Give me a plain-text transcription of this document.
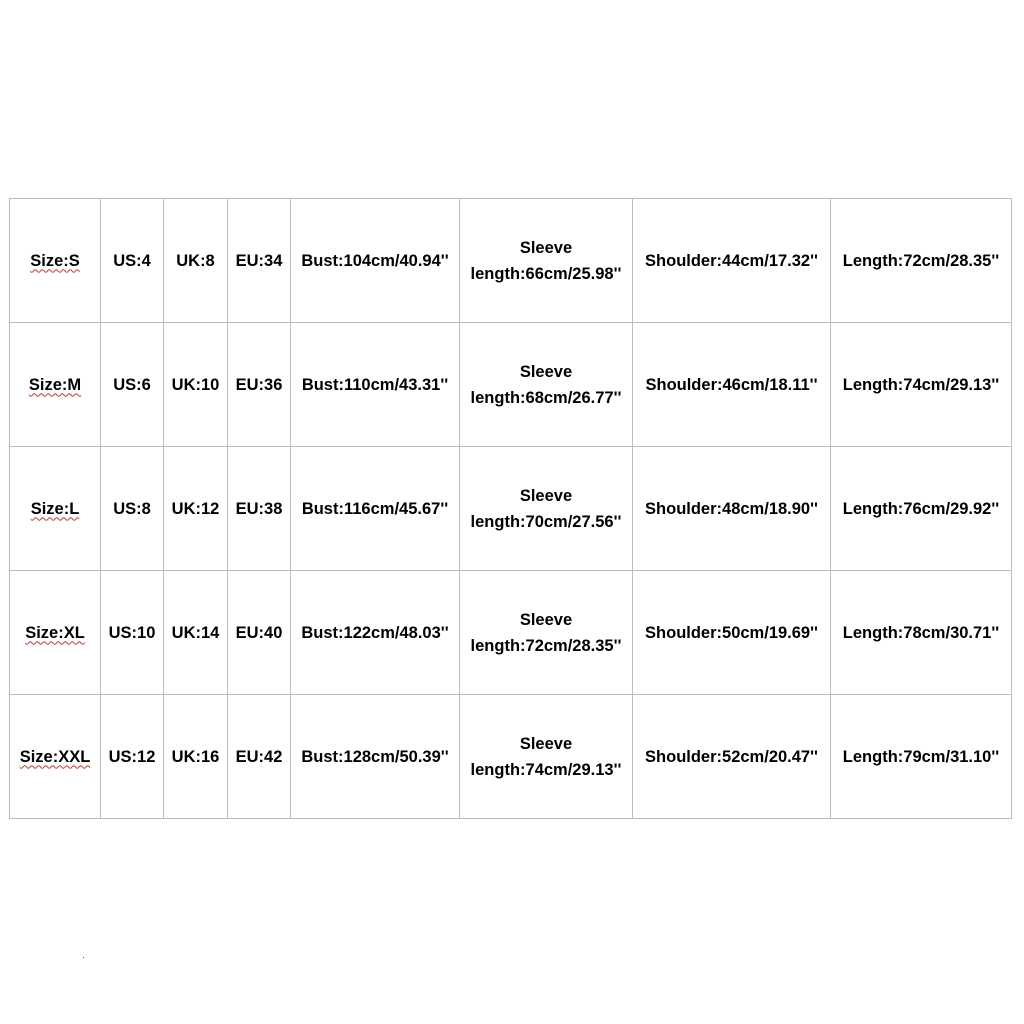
Size:S	US:4	UK:8	EU:34	Bust:104cm/40.94''	Sleeve
length:66cm/25.98''	Shoulder:44cm/17.32''	Length:72cm/28.35''
Size:M	US:6	UK:10	EU:36	Bust:110cm/43.31''	Sleeve
length:68cm/26.77''	Shoulder:46cm/18.11''	Length:74cm/29.13''
Size:L	US:8	UK:12	EU:38	Bust:116cm/45.67''	Sleeve
length:70cm/27.56''	Shoulder:48cm/18.90''	Length:76cm/29.92''
Size:XL	US:10	UK:14	EU:40	Bust:122cm/48.03''	Sleeve
length:72cm/28.35''	Shoulder:50cm/19.69''	Length:78cm/30.71''
Size:XXL	US:12	UK:16	EU:42	Bust:128cm/50.39''	Sleeve
length:74cm/29.13''	Shoulder:52cm/20.47''	Length:79cm/31.10''
